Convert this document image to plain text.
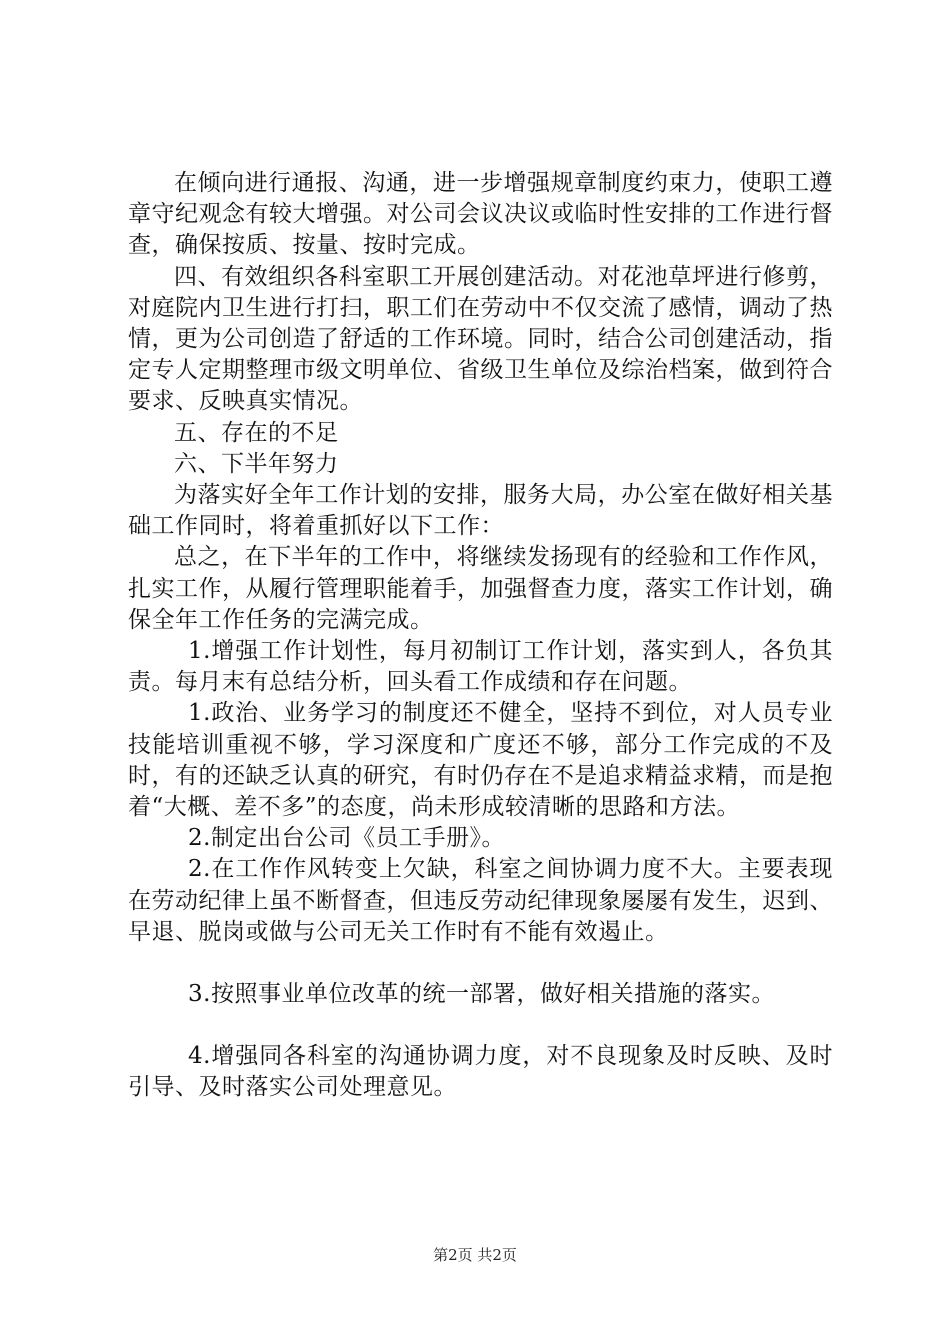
在倾向进行通报、沟通，进一步增强规章制度约束力，使职工遵章守纪观念有较大增强。对公司会议决议或临时性安排的工作进行督查，确保按质、按量、按时完成。

四、有效组织各科室职工开展创建活动。对花池草坪进行修剪，对庭院内卫生进行打扫，职工们在劳动中不仅交流了感情，调动了热情，更为公司创造了舒适的工作环境。同时，结合公司创建活动，指定专人定期整理市级文明单位、省级卫生单位及综治档案，做到符合要求、反映真实情况。

五、存在的不足

六、下半年努力

为落实好全年工作计划的安排，服务大局，办公室在做好相关基础工作同时，将着重抓好以下工作：

总之，在下半年的工作中，将继续发扬现有的经验和工作作风，扎实工作，从履行管理职能着手，加强督查力度，落实工作计划，确保全年工作任务的完满完成。

1.增强工作计划性，每月初制订工作计划，落实到人，各负其责。每月末有总结分析，回头看工作成绩和存在问题。

1.政治、业务学习的制度还不健全，坚持不到位，对人员专业技能培训重视不够，学习深度和广度还不够，部分工作完成的不及时，有的还缺乏认真的研究，有时仍存在不是追求精益求精，而是抱着“大概、差不多”的态度，尚未形成较清晰的思路和方法。

2.制定出台公司《员工手册》。

2.在工作作风转变上欠缺，科室之间协调力度不大。主要表现在劳动纪律上虽不断督查，但违反劳动纪律现象屡屡有发生，迟到、早退、脱岗或做与公司无关工作时有不能有效遏止。

3.按照事业单位改革的统一部署，做好相关措施的落实。

4.增强同各科室的沟通协调力度，对不良现象及时反映、及时引导、及时落实公司处理意见。

第2页 共2页
